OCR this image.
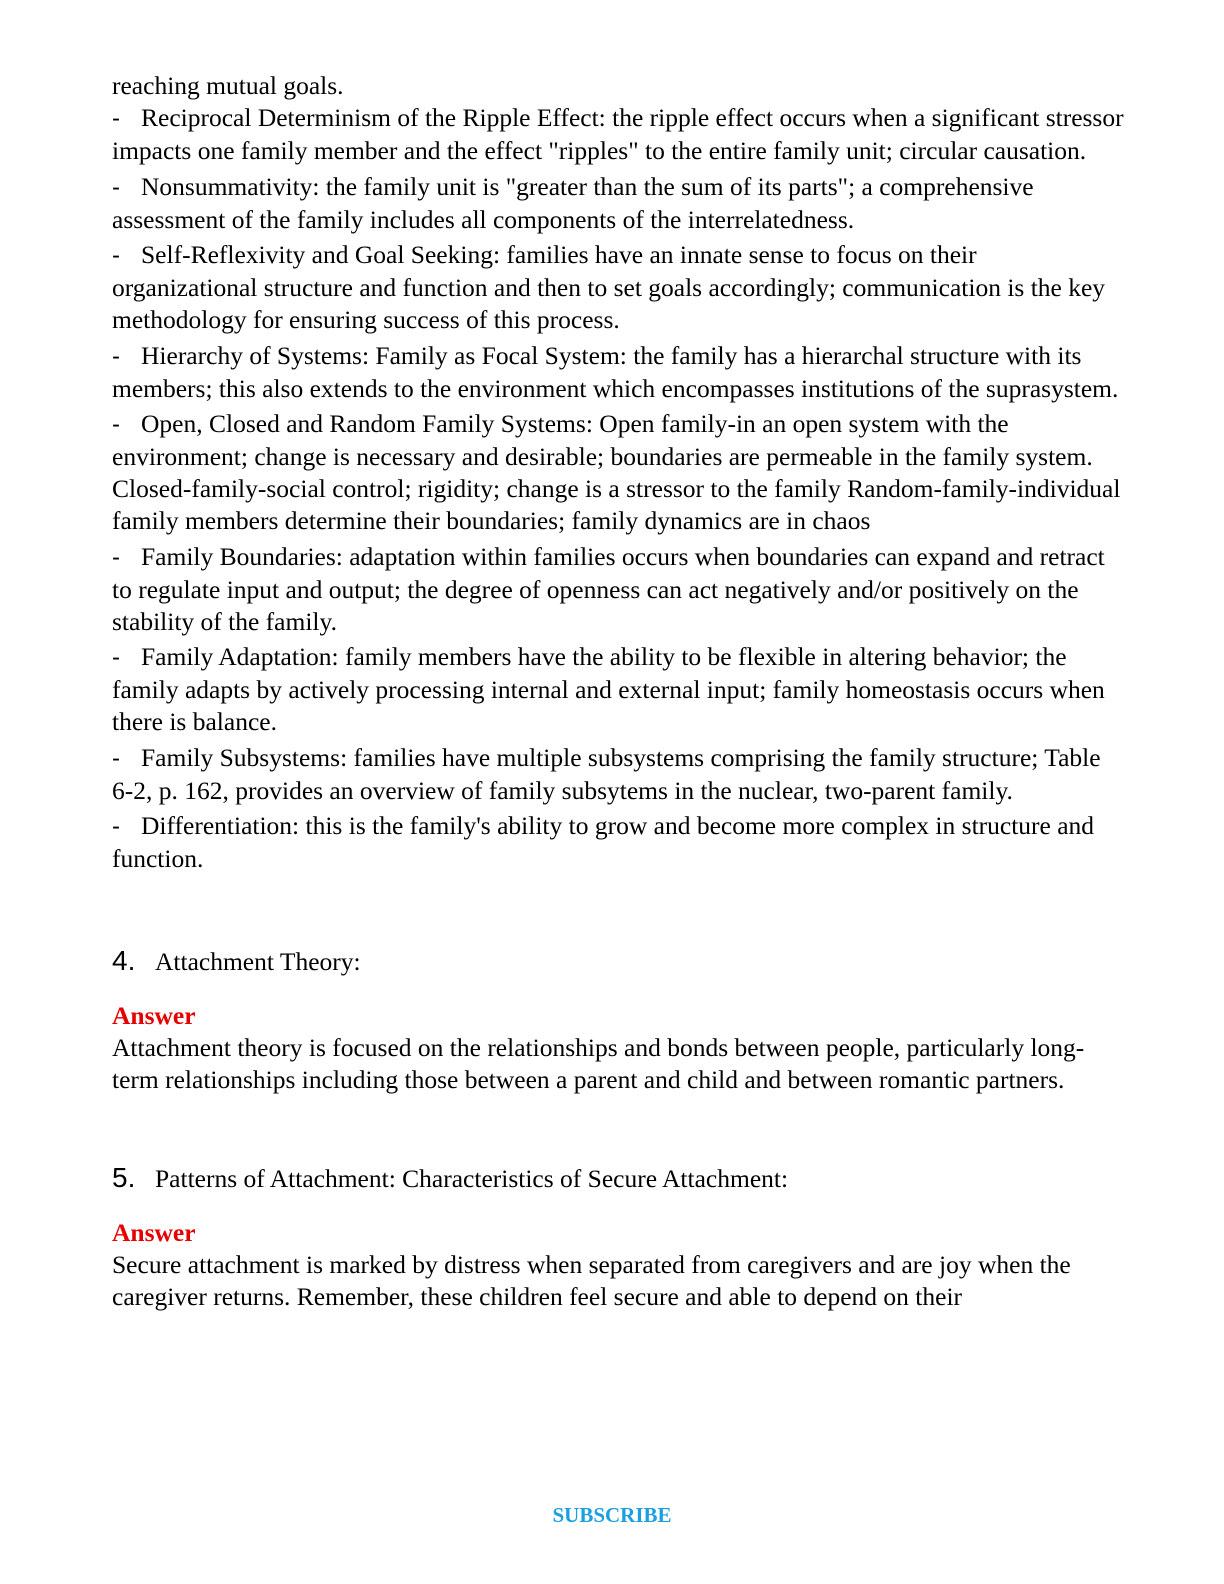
reaching mutual goals.

- Reciprocal Determinism of the Ripple Effect: the ripple effect occurs when a significant stressor impacts one family member and the effect "ripples" to the entire family unit; circular causation.

- Nonsummativity: the family unit is "greater than the sum of its parts"; a comprehensive assessment of the family includes all components of the interrelatedness.

- Self-Reflexivity and Goal Seeking: families have an innate sense to focus on their organizational structure and function and then to set goals accordingly; communication is the key methodology for ensuring success of this process.

- Hierarchy of Systems: Family as Focal System: the family has a hierarchal structure with its members; this also extends to the environment which encompasses institutions of the suprasystem.

- Open, Closed and Random Family Systems: Open family-in an open system with the environment; change is necessary and desirable; boundaries are permeable in the family system. Closed-family-social control; rigidity; change is a stressor to the family Random-family-individual family members determine their boundaries; family dynamics are in chaos

- Family Boundaries: adaptation within families occurs when boundaries can expand and retract to regulate input and output; the degree of openness can act negatively and/or positively on the stability of the family.

- Family Adaptation: family members have the ability to be flexible in altering behavior; the family adapts by actively processing internal and external input; family homeostasis occurs when there is balance.

- Family Subsystems: families have multiple subsystems comprising the family structure; Table 6-2, p. 162, provides an overview of family subsytems in the nuclear, two-parent family.

- Differentiation: this is the family's ability to grow and become more complex in structure and function.

4. Attachment Theory:

Answer

Attachment theory is focused on the relationships and bonds between people, particularly long-term relationships including those between a parent and child and between romantic partners.

5. Patterns of Attachment: Characteristics of Secure Attachment:

Answer

Secure attachment is marked by distress when separated from caregivers and are joy when the caregiver returns. Remember, these children feel secure and able to depend on their

SUBSCRIBE
